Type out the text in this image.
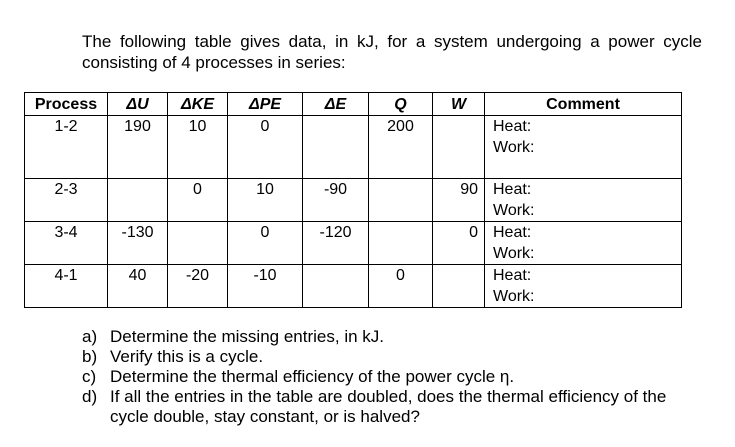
The following table gives data, in kJ, for a system undergoing a power cycle consisting of 4 processes in series:

Process	ΔU	ΔKE	ΔPE	ΔE	Q	W	Comment
1-2	190	10	0		200		Heat:
Work:

2-3		0	10	-90		90	Heat:
Work:

3-4	-130		0	-120		0	Heat:
Work:

4-1	40	-20	-10		0		Heat:
Work:
a) Determine the missing entries, in kJ.
b) Verify this is a cycle.
c) Determine the thermal efficiency of the power cycle η.
d) If all the entries in the table are doubled, does the thermal efficiency of the cycle double, stay constant, or is halved?
